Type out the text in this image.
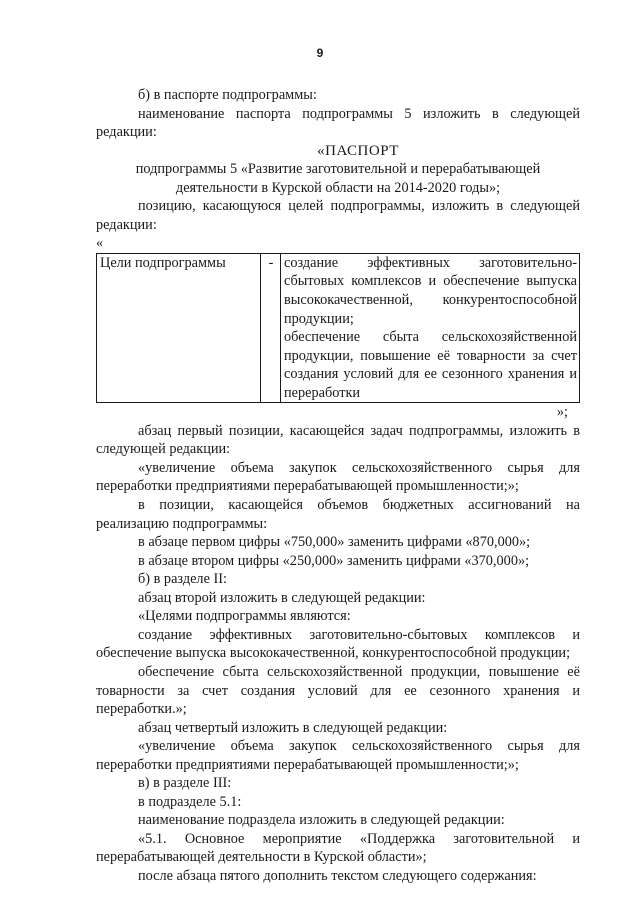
9

б) в паспорте подпрограммы:

наименование паспорта подпрограммы 5 изложить в следующей редакции:

«ПАСПОРТ

подпрограммы 5 «Развитие заготовительной и перерабатывающей деятельности в Курской области на 2014-2020 годы»;

позицию, касающуюся целей подпрограммы, изложить в следующей редакции:

«

Цели подпрограммы	-	создание эффективных заготовительно-сбытовых комплексов и обеспечение выпуска высококачественной, конкурентоспособной продукции;
обеспечение сбыта сельскохозяйственной продукции, повышение её товарности за счет создания условий для ее сезонного хранения и переработки

»;

абзац первый позиции, касающейся задач подпрограммы, изложить в следующей редакции:

«увеличение объема закупок сельскохозяйственного сырья для переработки предприятиями перерабатывающей промышленности;»;

в позиции, касающейся объемов бюджетных ассигнований на реализацию подпрограммы:

в абзаце первом цифры «750,000» заменить цифрами «870,000»;

в абзаце втором цифры «250,000» заменить цифрами «370,000»;

б) в разделе II:

абзац второй изложить в следующей редакции:

«Целями подпрограммы являются:

создание эффективных заготовительно-сбытовых комплексов и обеспечение выпуска высококачественной, конкурентоспособной продукции;

обеспечение сбыта сельскохозяйственной продукции, повышение её товарности за счет создания условий для ее сезонного хранения и переработки.»;

абзац четвертый изложить в следующей редакции:

«увеличение объема закупок сельскохозяйственного сырья для переработки предприятиями перерабатывающей промышленности;»;

в) в разделе III:

в подразделе 5.1:

наименование подраздела изложить в следующей редакции:

«5.1. Основное мероприятие «Поддержка заготовительной и перерабатывающей деятельности в Курской области»;

после абзаца пятого дополнить текстом следующего содержания:
